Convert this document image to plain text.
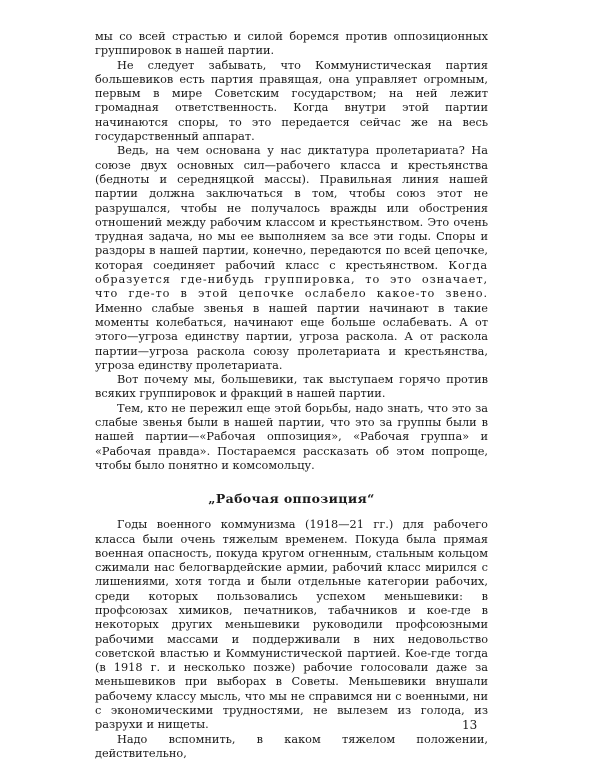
мы со всей страстью и силой боремся против оппозиционных группировок в нашей партии.

Не следует забывать, что Коммунистическая партия большевиков есть партия правящая, она управляет огромным, первым в мире Советским государством; на ней лежит громадная ответственность. Когда внутри этой партии начинаются споры, то это передается сейчас же на весь государственный аппарат.

Ведь, на чем основана у нас диктатура пролетариата? На союзе двух основных сил—рабочего класса и крестьянства (бедноты и середняцкой массы). Правильная линия нашей партии должна заключаться в том, чтобы союз этот не разрушался, чтобы не получалось вражды или обострения отношений между рабочим классом и крестьянством. Это очень трудная задача, но мы ее выполняем за все эти годы. Споры и раздоры в нашей партии, конечно, передаются по всей цепочке, которая соединяет рабочий класс с крестьянством. Когда образуется где-нибудь группировка, то это означает, что где-то в этой цепочке ослабело какое-то звено. Именно слабые звенья в нашей партии начинают в такие моменты колебаться, начинают еще больше ослабевать. А от этого—угроза единству партии, угроза раскола. А от раскола партии—угроза раскола союзу пролетариата и крестьянства, угроза единству пролетариата.

Вот почему мы, большевики, так выступаем горячо против всяких группировок и фракций в нашей партии.

Тем, кто не пережил еще этой борьбы, надо знать, что это за слабые звенья были в нашей партии, что это за группы были в нашей партии—«Рабочая оппозиция», «Рабочая группа» и «Рабочая правда». Постараемся рассказать об этом попроще, чтобы было понятно и комсомольцу.

„Рабочая оппозиция“

Годы военного коммунизма (1918—21 гг.) для рабочего класса были очень тяжелым временем. Покуда была прямая военная опасность, покуда кругом огненным, стальным кольцом сжимали нас белогвардейские армии, рабочий класс мирился с лишениями, хотя тогда и были отдельные категории рабочих, среди которых пользовались успехом меньшевики: в профсоюзах химиков, печатников, табачников и кое-где в некоторых других меньшевики руководили профсоюзными рабочими массами и поддерживали в них недовольство советской властью и Коммунистической партией. Кое-где тогда (в 1918 г. и несколько позже) рабочие голосовали даже за меньшевиков при выборах в Советы. Меньшевики внушали рабочему классу мысль, что мы не справимся ни с военными, ни с экономическими трудностями, не вылезем из голода, из разрухи и нищеты.

Надо вспомнить, в каком тяжелом положении, действительно,

13
